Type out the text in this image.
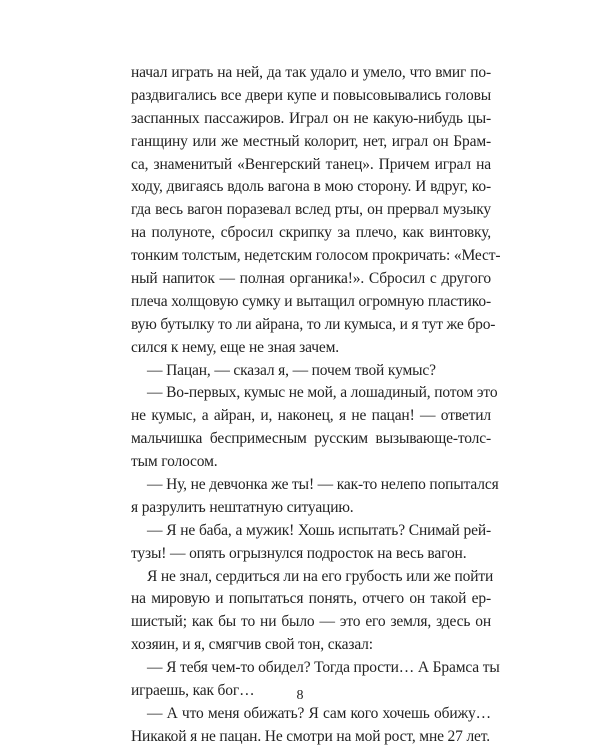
начал играть на ней, да так удало и умело, что вмиг по-
раздвигались все двери купе и повысовывались головы
заспанных пассажиров. Играл он не какую-нибудь цы-
ганщину или же местный колорит, нет, играл он Брам-
са, знаменитый «Венгерский танец». Причем играл на
ходу, двигаясь вдоль вагона в мою сторону. И вдруг, ко-
гда весь вагон поразевал вслед рты, он прервал музыку
на полуноте, сбросил скрипку за плечо, как винтовку,
тонким толстым, недетским голосом прокричать: «Мест-
ный напиток — полная органика!». Сбросил с другого
плеча холщовую сумку и вытащил огромную пластико-
вую бутылку то ли айрана, то ли кумыса, и я тут же бро-
сился к нему, еще не зная зачем.
— Пацан, — сказал я, — почем твой кумыс?
— Во-первых, кумыс не мой, а лошадиный, потом это
не кумыс, а айран, и, наконец, я не пацан! — ответил
мальчишка беспримесным русским вызывающе-толс-
тым голосом.
— Ну, не девчонка же ты! — как-то нелепо попытался
я разрулить нештатную ситуацию.
— Я не баба, а мужик! Хошь испытать? Снимай рей-
тузы! — опять огрызнулся подросток на весь вагон.
Я не знал, сердиться ли на его грубость или же пойти
на мировую и попытаться понять, отчего он такой ер-
шистый; как бы то ни было — это его земля, здесь он
хозяин, и я, смягчив свой тон, сказал:
— Я тебя чем-то обидел? Тогда прости… А Брамса ты
играешь, как бог…
— А что меня обижать? Я сам кого хочешь обижу…
Никакой я не пацан. Не смотри на мой рост, мне 27 лет.
8
